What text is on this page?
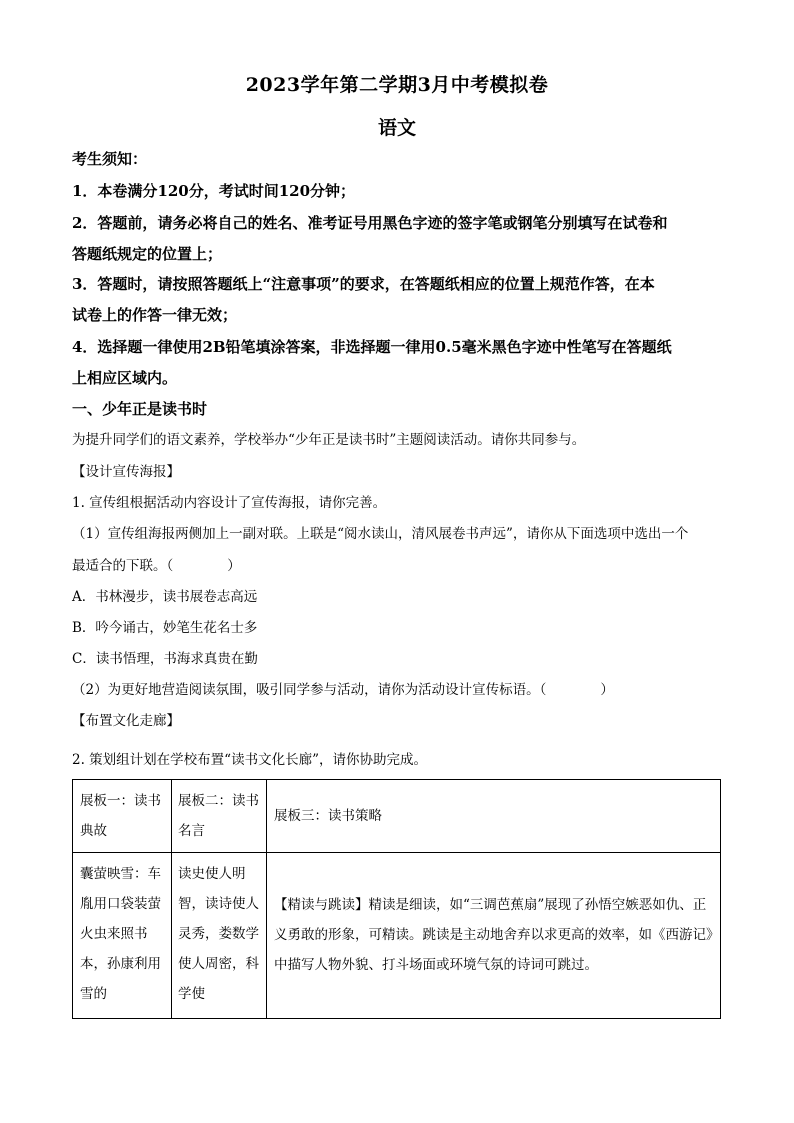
2023学年第二学期3月中考模拟卷
语文
考生须知：
1．本卷满分120分，考试时间120分钟；
2．答题前，请务必将自己的姓名、准考证号用黑色字迹的签字笔或钢笔分别填写在试卷和
答题纸规定的位置上；
3．答题时，请按照答题纸上“注意事项”的要求，在答题纸相应的位置上规范作答，在本
试卷上的作答一律无效；
4．选择题一律使用2B铅笔填涂答案，非选择题一律用0.5毫米黑色字迹中性笔写在答题纸
上相应区域内。
一、少年正是读书时
为提升同学们的语文素养，学校举办“少年正是读书时”主题阅读活动。请你共同参与。
【设计宣传海报】
1. 宣传组根据活动内容设计了宣传海报，请你完善。
（1）宣传组海报两侧加上一副对联。上联是“阅水读山，清风展卷书声远”，请你从下面选项中选出一个
最适合的下联。（　　　　）
A．书林漫步，读书展卷志高远
B．吟今诵古，妙笔生花名士多
C．读书悟理，书海求真贵在勤
（2）为更好地营造阅读氛围，吸引同学参与活动，请你为活动设计宣传标语。（　　　　）
【布置文化走廊】
2. 策划组计划在学校布置“读书文化长廊”，请你协助完成。
展板一：读书典故
展板二：读书名言
展板三：读书策略
囊萤映雪：车胤用口袋装萤火虫来照书本，孙康利用雪的
读史使人明智，读诗使人灵秀，娄数学使人周密，科学使
【精读与跳读】精读是细读，如“三调芭蕉扇”展现了孙悟空嫉恶如仇、正义勇敢的形象，可精读。跳读是主动地舍弃以求更高的效率，如《西游记》中描写人物外貌、打斗场面或环境气氛的诗词可跳过。
